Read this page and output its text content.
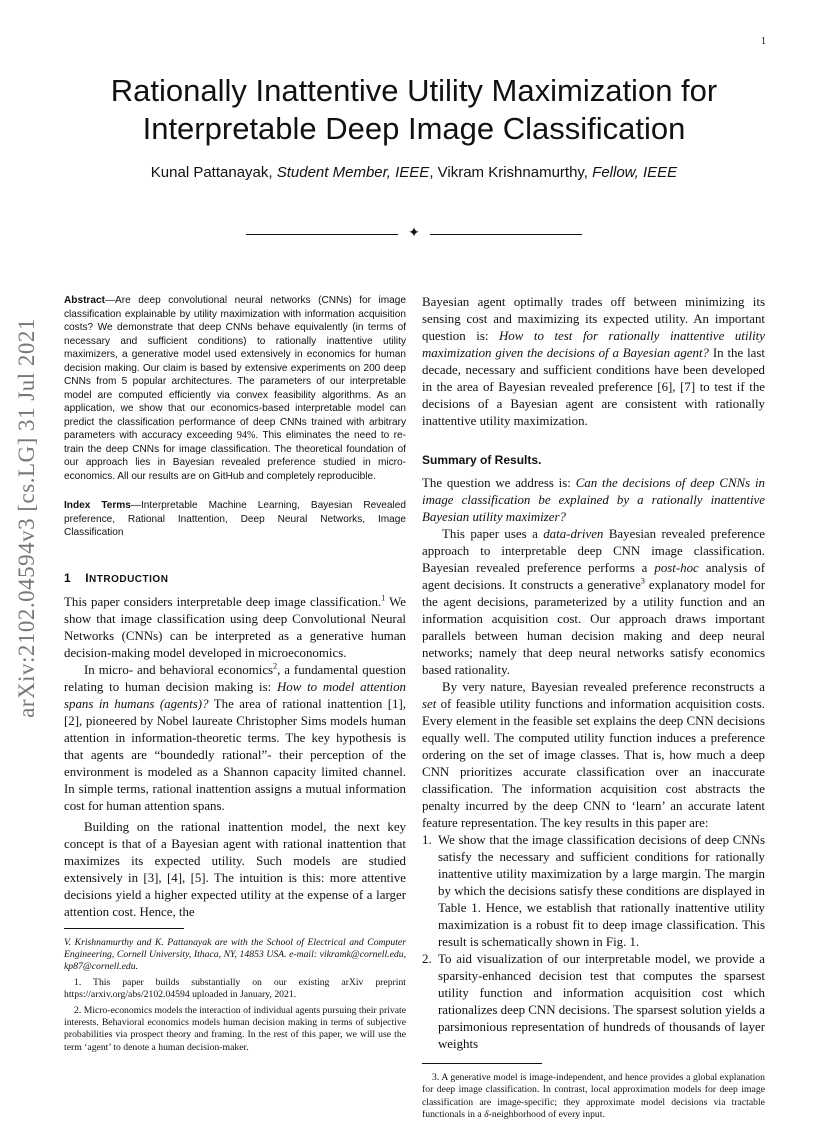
1
Rationally Inattentive Utility Maximization for Interpretable Deep Image Classification
Kunal Pattanayak, Student Member, IEEE, Vikram Krishnamurthy, Fellow, IEEE
✦
arXiv:2102.04594v3 [cs.LG] 31 Jul 2021

Abstract—Are deep convolutional neural networks (CNNs) for image classification explainable by utility maximization with information acquisition costs? We demonstrate that deep CNNs behave equivalently (in terms of necessary and sufficient conditions) to rationally inattentive utility maximizers, a generative model used extensively in economics for human decision making. Our claim is based by extensive experiments on 200 deep CNNs from 5 popular architectures. The parameters of our interpretable model are computed efficiently via convex feasibility algorithms. As an application, we show that our economics-based interpretable model can predict the classification performance of deep CNNs trained with arbitrary parameters with accuracy exceeding 94%. This eliminates the need to re-train the deep CNNs for image classification. The theoretical foundation of our approach lies in Bayesian revealed preference studied in micro-economics. All our results are on GitHub and completely reproducible.

Index Terms—Interpretable Machine Learning, Bayesian Revealed preference, Rational Inattention, Deep Neural Networks, Image Classification

1 INTRODUCTION

This paper considers interpretable deep image classification.$^1$ We show that image classification using deep Convolutional Neural Networks (CNNs) can be interpreted as a generative human decision-making model developed in microeconomics.

In micro- and behavioral economics$^2$, a fundamental question relating to human decision making is: How to model attention spans in humans (agents)? The area of rational inattention [1], [2], pioneered by Nobel laureate Christopher Sims models human attention in information-theoretic terms. The key hypothesis is that agents are “boundedly rational”- their perception of the environment is modeled as a Shannon capacity limited channel. In simple terms, rational inattention assigns a mutual information cost for human attention spans.

Building on the rational inattention model, the next key concept is that of a Bayesian agent with rational inattention that maximizes its expected utility. Such models are studied extensively in [3], [4], [5]. The intuition is this: more attentive decisions yield a higher expected utility at the expense of a larger attention cost. Hence, the

V. Krishnamurthy and K. Pattanayak are with the School of Electrical and Computer Engineering, Cornell University, Ithaca, NY, 14853 USA. e-mail: vikramk@cornell.edu, kp87@cornell.edu.

1. This paper builds substantially on our existing arXiv preprint https://arxiv.org/abs/2102.04594 uploaded in January, 2021.

2. Micro-economics models the interaction of individual agents pursuing their private interests. Behavioral economics models human decision making in terms of subjective probabilities via prospect theory and framing. In the rest of this paper, we will use the term ‘agent’ to denote a human decision-maker.

Bayesian agent optimally trades off between minimizing its sensing cost and maximizing its expected utility. An important question is: How to test for rationally inattentive utility maximization given the decisions of a Bayesian agent? In the last decade, necessary and sufficient conditions have been developed in the area of Bayesian revealed preference [6], [7] to test if the decisions of a Bayesian agent are consistent with rationally inattentive utility maximization.

Summary of Results.

The question we address is: Can the decisions of deep CNNs in image classification be explained by a rationally inattentive Bayesian utility maximizer?

This paper uses a data-driven Bayesian revealed preference approach to interpretable deep CNN image classification. Bayesian revealed preference performs a post-hoc analysis of agent decisions. It constructs a generative$^3$ explanatory model for the agent decisions, parameterized by a utility function and an information acquisition cost. Our approach draws important parallels between human decision making and deep neural networks; namely that deep neural networks satisfy economics based rationality.

By very nature, Bayesian revealed preference reconstructs a set of feasible utility functions and information acquisition costs. Every element in the feasible set explains the deep CNN decisions equally well. The computed utility function induces a preference ordering on the set of image classes. That is, how much a deep CNN prioritizes accurate classification over an inaccurate classification. The information acquisition cost abstracts the penalty incurred by the deep CNN to ‘learn’ an accurate latent feature representation. The key results in this paper are:

1. We show that the image classification decisions of deep CNNs satisfy the necessary and sufficient conditions for rationally inattentive utility maximization by a large margin. The margin by which the decisions satisfy these conditions are displayed in Table 1. Hence, we establish that rationally inattentive utility maximization is a robust fit to deep image classification. This result is schematically shown in Fig. 1.
2. To aid visualization of our interpretable model, we provide a sparsity-enhanced decision test that computes the sparsest utility function and information acquisition cost which rationalizes deep CNN decisions. The sparsest solution yields a parsimonious representation of hundreds of thousands of layer weights

3. A generative model is image-independent, and hence provides a global explanation for deep image classification. In contrast, local approximation models for deep image classification are image-specific; they approximate model decisions via tractable functionals in a δ-neighborhood of every input.
